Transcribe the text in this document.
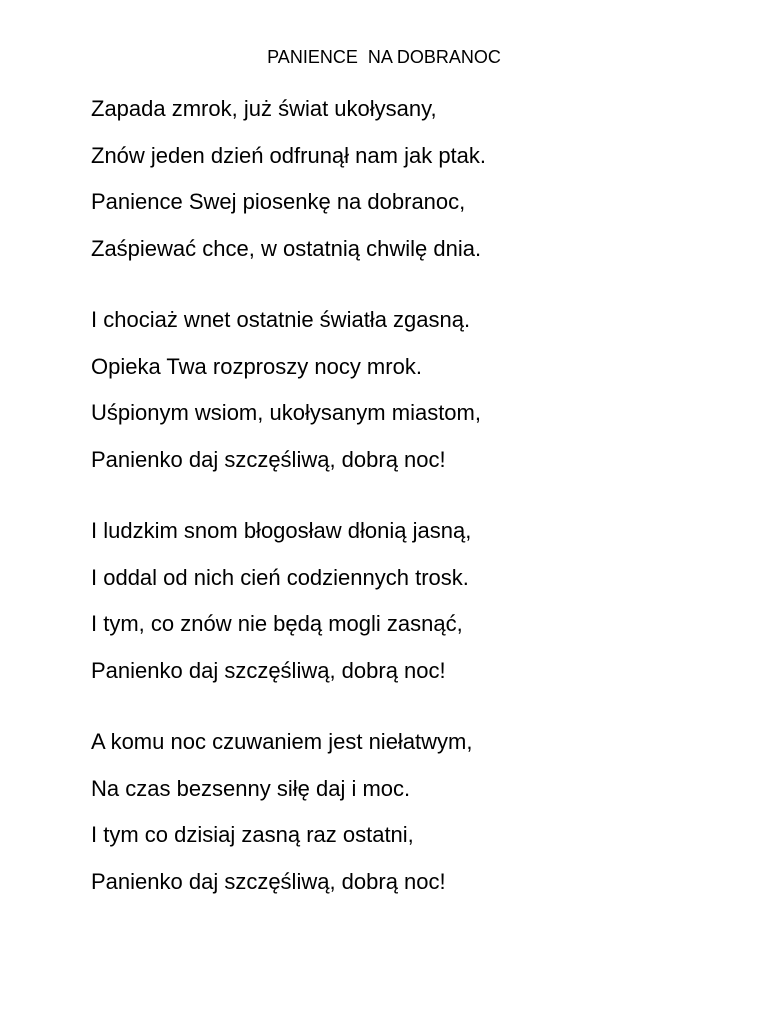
PANIENCE  NA DOBRANOC
Zapada zmrok, już świat ukołysany,
Znów jeden dzień odfrunął nam jak ptak.
Panience Swej piosenkę na dobranoc,
Zaśpiewać chce, w ostatnią chwilę dnia.
I chociaż wnet ostatnie światła zgasną.
Opieka Twa rozproszy nocy mrok.
Uśpionym wsiom, ukołysanym miastom,
Panienko daj szczęśliwą, dobrą noc!
I ludzkim snom błogosław dłonią jasną,
I oddal od nich cień codziennych trosk.
I tym, co znów nie będą mogli zasnąć,
Panienko daj szczęśliwą, dobrą noc!
A komu noc czuwaniem jest niełatwym,
Na czas bezsenny siłę daj i moc.
I tym co dzisiaj zasną raz ostatni,
Panienko daj szczęśliwą, dobrą noc!
